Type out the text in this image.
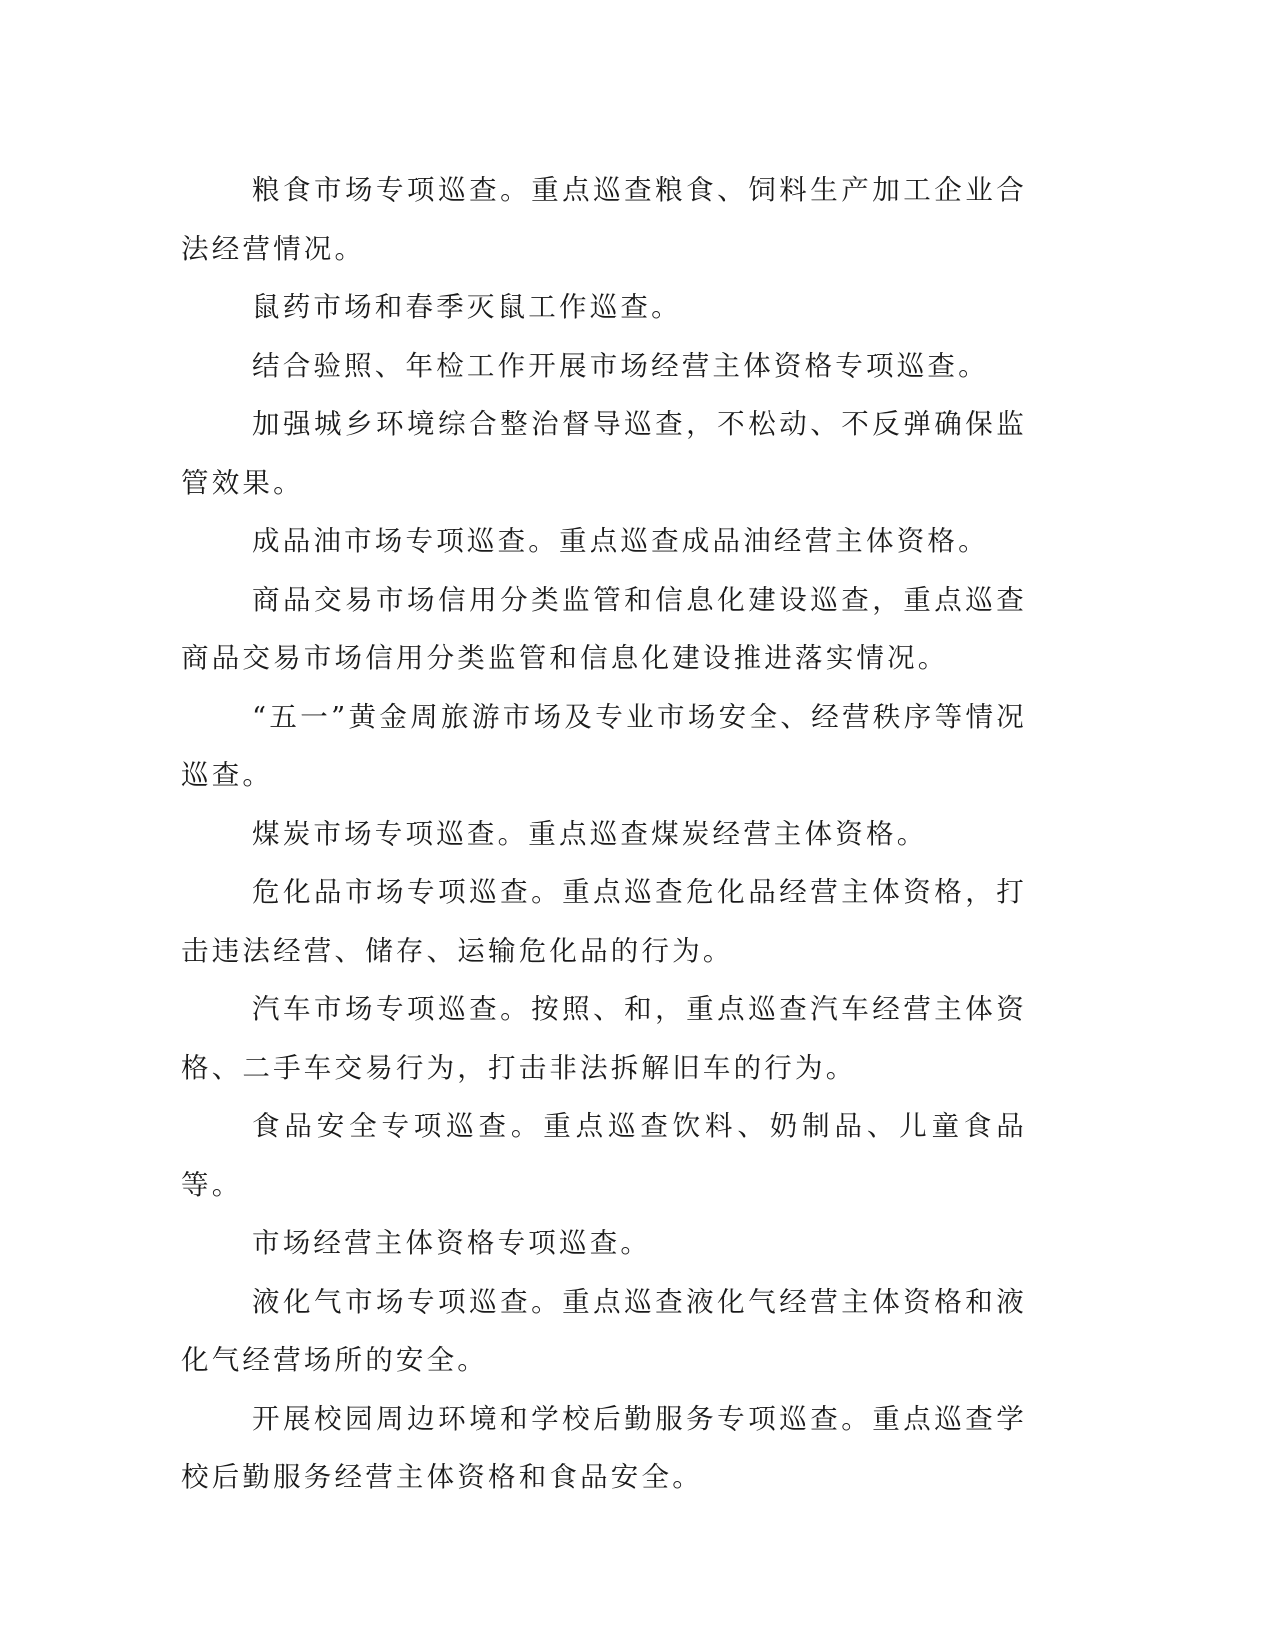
粮食市场专项巡查。重点巡查粮食、饲料生产加工企业合法经营情况。

鼠药市场和春季灭鼠工作巡查。

结合验照、年检工作开展市场经营主体资格专项巡查。

加强城乡环境综合整治督导巡查，不松动、不反弹确保监管效果。

成品油市场专项巡查。重点巡查成品油经营主体资格。

商品交易市场信用分类监管和信息化建设巡查，重点巡查商品交易市场信用分类监管和信息化建设推进落实情况。

“五一”黄金周旅游市场及专业市场安全、经营秩序等情况巡查。

煤炭市场专项巡查。重点巡查煤炭经营主体资格。

危化品市场专项巡查。重点巡查危化品经营主体资格，打击违法经营、储存、运输危化品的行为。

汽车市场专项巡查。按照、和，重点巡查汽车经营主体资格、二手车交易行为，打击非法拆解旧车的行为。

食品安全专项巡查。重点巡查饮料、奶制品、儿童食品等。

市场经营主体资格专项巡查。

液化气市场专项巡查。重点巡查液化气经营主体资格和液化气经营场所的安全。

开展校园周边环境和学校后勤服务专项巡查。重点巡查学校后勤服务经营主体资格和食品安全。
